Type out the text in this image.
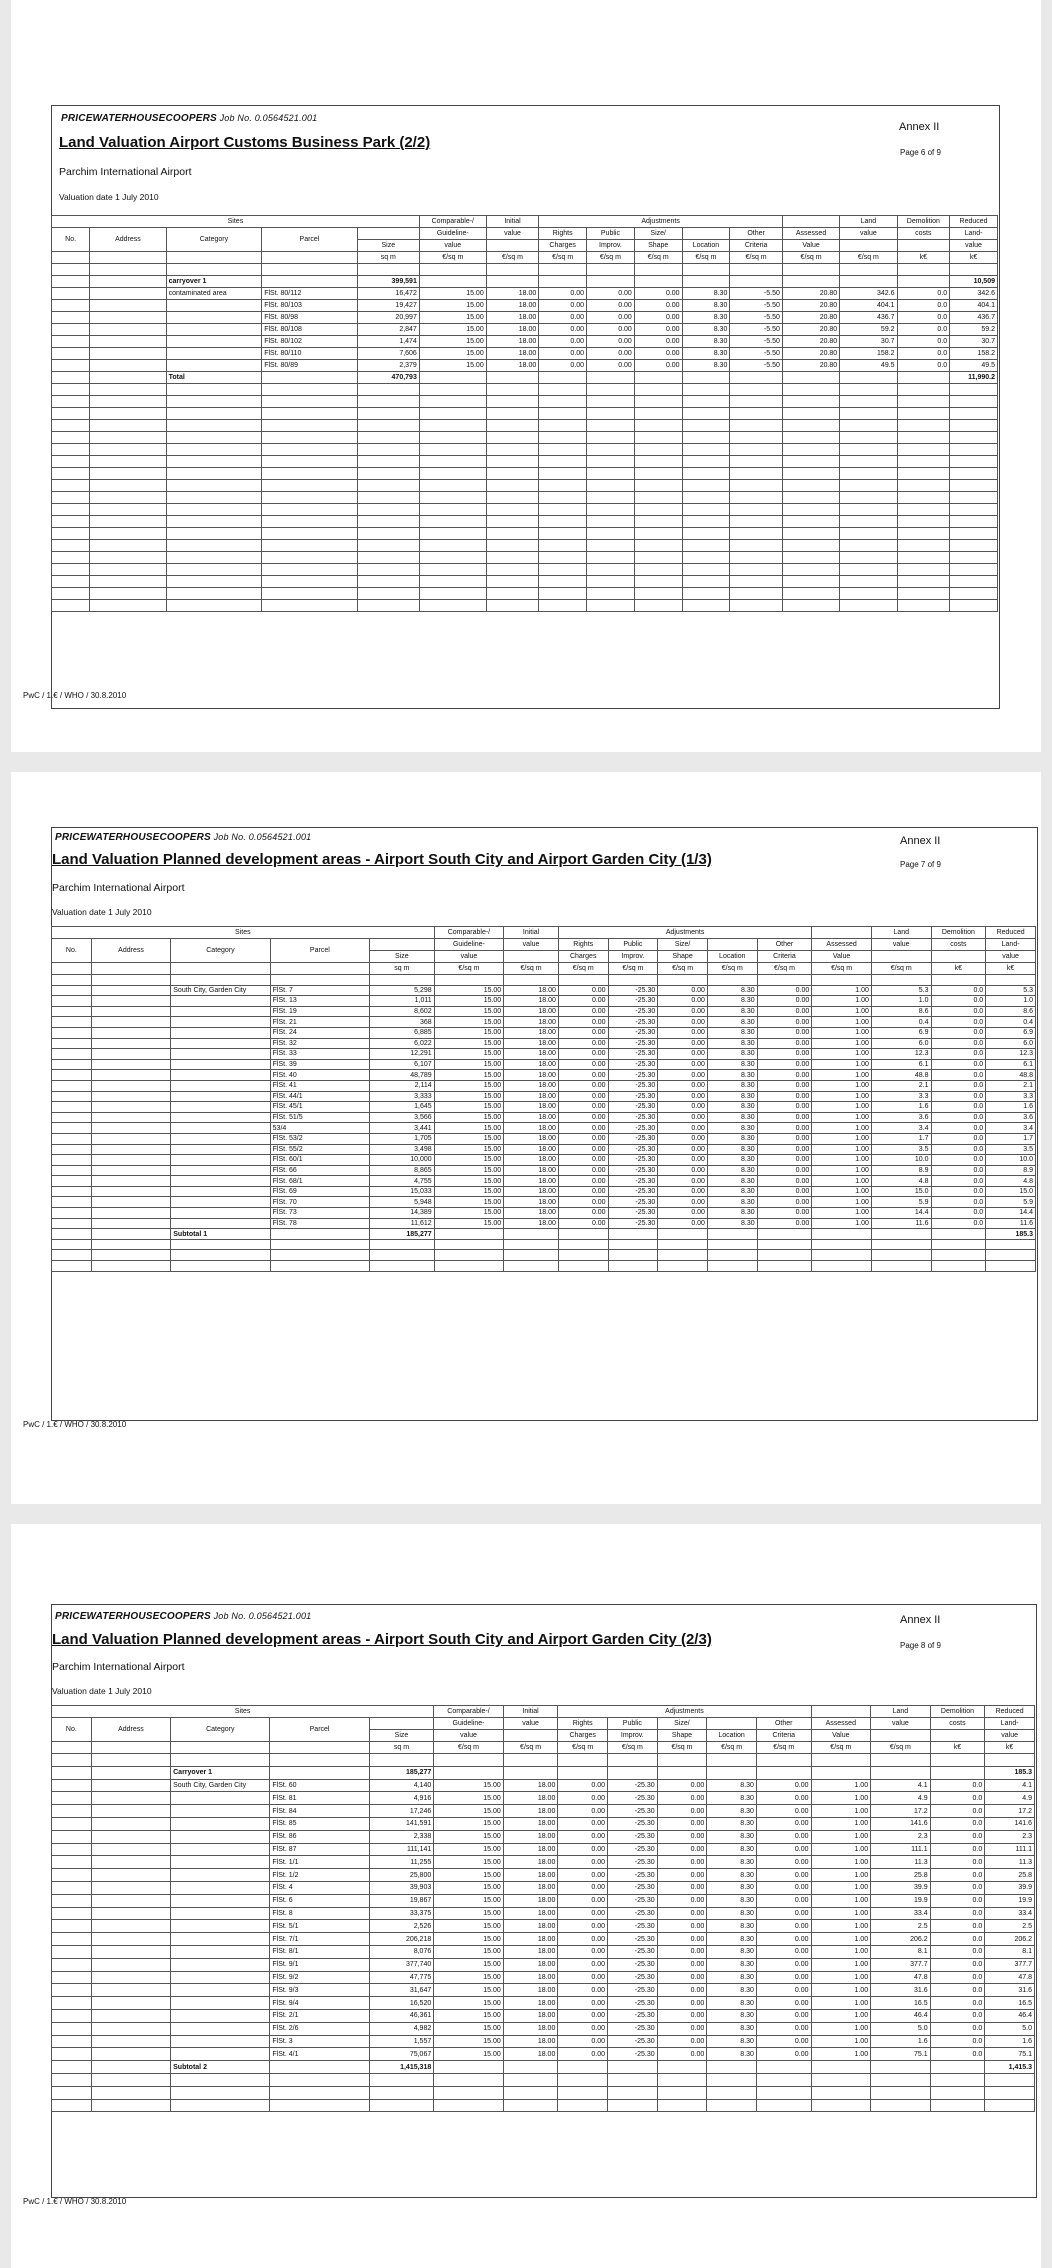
PRICEWATERHOUSECOOPERS Job No. 0.0564521.001
Annex II
Page 6 of 9
Land Valuation Airport Customs Business Park (2/2)
Parchim International Airport
Valuation date 1 July 2010
Sites					Comparable-/	Initial	Adjustments						Land	Demolition	Reduced
No.	Address	Category	Parcel		Guideline-	value	Rights	Public	Size/		Other	Assessed	value	costs	Land-
				Size	value		Charges	Improv.	Shape	Location	Criteria	Value			value
				sq m	€/sq m	€/sq m	€/sq m	€/sq m	€/sq m	€/sq m	€/sq m	€/sq m	€/sq m	k€	k€

		carryover 1		399,591											10,509
		contaminated area	FlSt. 80/112	16,472	15.00	18.00	0.00	0.00	0.00	8.30	-5.50	20.80	342.6	0.0	342.6
			FlSt. 80/103	19,427	15.00	18.00	0.00	0.00	0.00	8.30	-5.50	20.80	404.1	0.0	404.1
			FlSt. 80/98	20,997	15.00	18.00	0.00	0.00	0.00	8.30	-5.50	20.80	436.7	0.0	436.7
			FlSt. 80/108	2,847	15.00	18.00	0.00	0.00	0.00	8.30	-5.50	20.80	59.2	0.0	59.2
			FlSt. 80/102	1,474	15.00	18.00	0.00	0.00	0.00	8.30	-5.50	20.80	30.7	0.0	30.7
			FlSt. 80/110	7,606	15.00	18.00	0.00	0.00	0.00	8.30	-5.50	20.80	158.2	0.0	158.2
			FlSt. 80/89	2,379	15.00	18.00	0.00	0.00	0.00	8.30	-5.50	20.80	49.5	0.0	49.5
		Total		470,793											11,990.2

PwC / 1.€ / WHO / 30.8.2010
PRICEWATERHOUSECOOPERS Job No. 0.0564521.001	Annex II
Page 7 of 9
Land Valuation Planned development areas - Airport South City and Airport Garden City (1/3)
Parchim International Airport
Valuation date 1 July 2010
Sites					Comparable-/	Initial	Adjustments						Land	Demolition	Reduced
No.	Address	Category	Parcel		Guideline-	value	Rights	Public	Size/		Other	Assessed	value	costs	Land-
				Size	value		Charges	Improv.	Shape	Location	Criteria	Value			value
				sq m	€/sq m	€/sq m	€/sq m	€/sq m	€/sq m	€/sq m	€/sq m	€/sq m	€/sq m	k€	k€

		South City, Garden City	FlSt. 7	5,298	15.00	18.00	0.00	-25.30	0.00	8.30	0.00	1.00	5.3	0.0	5.3
			FlSt. 13	1,011	15.00	18.00	0.00	-25.30	0.00	8.30	0.00	1.00	1.0	0.0	1.0
			FlSt. 19	8,602	15.00	18.00	0.00	-25.30	0.00	8.30	0.00	1.00	8.6	0.0	8.6
			FlSt. 21	368	15.00	18.00	0.00	-25.30	0.00	8.30	0.00	1.00	0.4	0.0	0.4
			FlSt. 24	6,885	15.00	18.00	0.00	-25.30	0.00	8.30	0.00	1.00	6.9	0.0	6.9
			FlSt. 32	6,022	15.00	18.00	0.00	-25.30	0.00	8.30	0.00	1.00	6.0	0.0	6.0
			FlSt. 33	12,291	15.00	18.00	0.00	-25.30	0.00	8.30	0.00	1.00	12.3	0.0	12.3
			FlSt. 39	6,107	15.00	18.00	0.00	-25.30	0.00	8.30	0.00	1.00	6.1	0.0	6.1
			FlSt. 40	48,789	15.00	18.00	0.00	-25.30	0.00	8.30	0.00	1.00	48.8	0.0	48.8
			FlSt. 41	2,114	15.00	18.00	0.00	-25.30	0.00	8.30	0.00	1.00	2.1	0.0	2.1
			FlSt. 44/1	3,333	15.00	18.00	0.00	-25.30	0.00	8.30	0.00	1.00	3.3	0.0	3.3
			FlSt. 45/1	1,645	15.00	18.00	0.00	-25.30	0.00	8.30	0.00	1.00	1.6	0.0	1.6
			FlSt. 51/5	3,566	15.00	18.00	0.00	-25.30	0.00	8.30	0.00	1.00	3.6	0.0	3.6
			53/4	3,441	15.00	18.00	0.00	-25.30	0.00	8.30	0.00	1.00	3.4	0.0	3.4
			FlSt. 53/2	1,705	15.00	18.00	0.00	-25.30	0.00	8.30	0.00	1.00	1.7	0.0	1.7
			FlSt. 55/2	3,498	15.00	18.00	0.00	-25.30	0.00	8.30	0.00	1.00	3.5	0.0	3.5
			FlSt. 60/1	10,000	15.00	18.00	0.00	-25.30	0.00	8.30	0.00	1.00	10.0	0.0	10.0
			FlSt. 66	8,865	15.00	18.00	0.00	-25.30	0.00	8.30	0.00	1.00	8.9	0.0	8.9
			FlSt. 68/1	4,755	15.00	18.00	0.00	-25.30	0.00	8.30	0.00	1.00	4.8	0.0	4.8
			FlSt. 69	15,033	15.00	18.00	0.00	-25.30	0.00	8.30	0.00	1.00	15.0	0.0	15.0
			FlSt. 70	5,948	15.00	18.00	0.00	-25.30	0.00	8.30	0.00	1.00	5.9	0.0	5.9
			FlSt. 73	14,389	15.00	18.00	0.00	-25.30	0.00	8.30	0.00	1.00	14.4	0.0	14.4
			FlSt. 78	11,612	15.00	18.00	0.00	-25.30	0.00	8.30	0.00	1.00	11.6	0.0	11.6
		Subtotal 1		185,277											185.3

PwC / 1.€ / WHO / 30.8.2010
PRICEWATERHOUSECOOPERS Job No. 0.0564521.001	Annex II
Page 8 of 9
Land Valuation Planned development areas - Airport South City and Airport Garden City (2/3)
Parchim International Airport
Valuation date 1 July 2010
Sites					Comparable-/	Initial	Adjustments						Land	Demolition	Reduced
No.	Address	Category	Parcel		Guideline-	value	Rights	Public	Size/		Other	Assessed	value	costs	Land-
				Size	value		Charges	Improv.	Shape	Location	Criteria	Value			value
				sq m	€/sq m	€/sq m	€/sq m	€/sq m	€/sq m	€/sq m	€/sq m	€/sq m	€/sq m	k€	k€

		Carryover 1		185,277											185.3
		South City, Garden City	FlSt. 60	4,140	15.00	18.00	0.00	-25.30	0.00	8.30	0.00	1.00	4.1	0.0	4.1
			FlSt. 81	4,916	15.00	18.00	0.00	-25.30	0.00	8.30	0.00	1.00	4.9	0.0	4.9
			FlSt. 84	17,246	15.00	18.00	0.00	-25.30	0.00	8.30	0.00	1.00	17.2	0.0	17.2
			FlSt. 85	141,591	15.00	18.00	0.00	-25.30	0.00	8.30	0.00	1.00	141.6	0.0	141.6
			FlSt. 86	2,338	15.00	18.00	0.00	-25.30	0.00	8.30	0.00	1.00	2.3	0.0	2.3
			FlSt. 87	111,141	15.00	18.00	0.00	-25.30	0.00	8.30	0.00	1.00	111.1	0.0	111.1
			FlSt. 1/1	11,255	15.00	18.00	0.00	-25.30	0.00	8.30	0.00	1.00	11.3	0.0	11.3
			FlSt. 1/2	25,800	15.00	18.00	0.00	-25.30	0.00	8.30	0.00	1.00	25.8	0.0	25.8
			FlSt. 4	39,903	15.00	18.00	0.00	-25.30	0.00	8.30	0.00	1.00	39.9	0.0	39.9
			FlSt. 6	19,867	15.00	18.00	0.00	-25.30	0.00	8.30	0.00	1.00	19.9	0.0	19.9
			FlSt. 8	33,375	15.00	18.00	0.00	-25.30	0.00	8.30	0.00	1.00	33.4	0.0	33.4
			FlSt. 5/1	2,526	15.00	18.00	0.00	-25.30	0.00	8.30	0.00	1.00	2.5	0.0	2.5
			FlSt. 7/1	206,218	15.00	18.00	0.00	-25.30	0.00	8.30	0.00	1.00	206.2	0.0	206.2
			FlSt. 8/1	8,076	15.00	18.00	0.00	-25.30	0.00	8.30	0.00	1.00	8.1	0.0	8.1
			FlSt. 9/1	377,740	15.00	18.00	0.00	-25.30	0.00	8.30	0.00	1.00	377.7	0.0	377.7
			FlSt. 9/2	47,775	15.00	18.00	0.00	-25.30	0.00	8.30	0.00	1.00	47.8	0.0	47.8
			FlSt. 9/3	31,647	15.00	18.00	0.00	-25.30	0.00	8.30	0.00	1.00	31.6	0.0	31.6
			FlSt. 9/4	16,520	15.00	18.00	0.00	-25.30	0.00	8.30	0.00	1.00	16.5	0.0	16.5
			FlSt. 2/1	46,361	15.00	18.00	0.00	-25.30	0.00	8.30	0.00	1.00	46.4	0.0	46.4
			FlSt. 2/6	4,982	15.00	18.00	0.00	-25.30	0.00	8.30	0.00	1.00	5.0	0.0	5.0
			FlSt. 3	1,557	15.00	18.00	0.00	-25.30	0.00	8.30	0.00	1.00	1.6	0.0	1.6
			FlSt. 4/1	75,067	15.00	18.00	0.00	-25.30	0.00	8.30	0.00	1.00	75.1	0.0	75.1
		Subtotal 2		1,415,318											1,415.3

PwC / 1.€ / WHO / 30.8.2010
